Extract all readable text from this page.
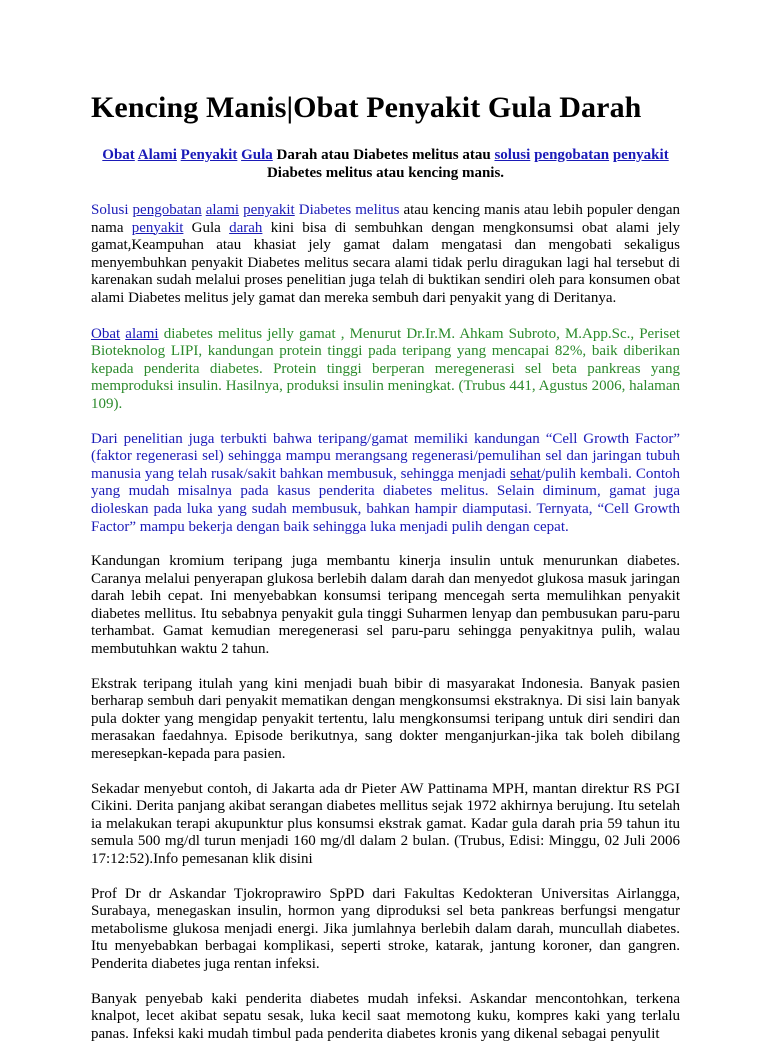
Kencing Manis|Obat Penyakit Gula Darah
Obat Alami Penyakit Gula Darah atau Diabetes melitus atau solusi pengobatan penyakit
Diabetes melitus atau kencing manis.

Solusi pengobatan alami penyakit Diabetes melitus atau kencing manis atau lebih populer dengan nama penyakit Gula darah kini bisa di sembuhkan dengan mengkonsumsi obat alami jely gamat,Keampuhan atau khasiat jely gamat dalam mengatasi dan mengobati sekaligus menyembuhkan penyakit Diabetes melitus secara alami tidak perlu diragukan lagi hal tersebut di karenakan sudah melalui proses penelitian juga telah di buktikan sendiri oleh para konsumen obat alami Diabetes melitus jely gamat dan mereka sembuh dari penyakit yang di Deritanya.

Obat alami diabetes melitus jelly gamat , Menurut Dr.Ir.M. Ahkam Subroto, M.App.Sc., Periset Bioteknolog LIPI, kandungan protein tinggi pada teripang yang mencapai 82%, baik diberikan kepada penderita diabetes. Protein tinggi berperan meregenerasi sel beta pankreas yang memproduksi insulin. Hasilnya, produksi insulin meningkat. (Trubus 441, Agustus 2006, halaman 109).

Dari penelitian juga terbukti bahwa teripang/gamat memiliki kandungan “Cell Growth Factor” (faktor regenerasi sel) sehingga mampu merangsang regenerasi/pemulihan sel dan jaringan tubuh manusia yang telah rusak/sakit bahkan membusuk, sehingga menjadi sehat/pulih kembali. Contoh yang mudah misalnya pada kasus penderita diabetes melitus. Selain diminum, gamat juga dioleskan pada luka yang sudah membusuk, bahkan hampir diamputasi. Ternyata, “Cell Growth Factor” mampu bekerja dengan baik sehingga luka menjadi pulih dengan cepat.

Kandungan kromium teripang juga membantu kinerja insulin untuk menurunkan diabetes. Caranya melalui penyerapan glukosa berlebih dalam darah dan menyedot glukosa masuk jaringan darah lebih cepat. Ini menyebabkan konsumsi teripang mencegah serta memulihkan penyakit diabetes mellitus. Itu sebabnya penyakit gula tinggi Suharmen lenyap dan pembusukan paru-paru terhambat. Gamat kemudian meregenerasi sel paru-paru sehingga penyakitnya pulih, walau membutuhkan waktu 2 tahun.

Ekstrak teripang itulah yang kini menjadi buah bibir di masyarakat Indonesia. Banyak pasien berharap sembuh dari penyakit mematikan dengan mengkonsumsi ekstraknya. Di sisi lain banyak pula dokter yang mengidap penyakit tertentu, lalu mengkonsumsi teripang untuk diri sendiri dan merasakan faedahnya. Episode berikutnya, sang dokter menganjurkan-jika tak boleh dibilang meresepkan-kepada para pasien.

Sekadar menyebut contoh, di Jakarta ada dr Pieter AW Pattinama MPH, mantan direktur RS PGI Cikini. Derita panjang akibat serangan diabetes mellitus sejak 1972 akhirnya berujung. Itu setelah ia melakukan terapi akupunktur plus konsumsi ekstrak gamat. Kadar gula darah pria 59 tahun itu semula 500 mg/dl turun menjadi 160 mg/dl dalam 2 bulan. (Trubus, Edisi: Minggu, 02 Juli 2006 17:12:52).Info pemesanan klik disini

Prof Dr dr Askandar Tjokroprawiro SpPD dari Fakultas Kedokteran Universitas Airlangga, Surabaya, menegaskan insulin, hormon yang diproduksi sel beta pankreas berfungsi mengatur metabolisme glukosa menjadi energi. Jika jumlahnya berlebih dalam darah, muncullah diabetes. Itu menyebabkan berbagai komplikasi, seperti stroke, katarak, jantung koroner, dan gangren. Penderita diabetes juga rentan infeksi.

Banyak penyebab kaki penderita diabetes mudah infeksi. Askandar mencontohkan, terkena knalpot, lecet akibat sepatu sesak, luka kecil saat memotong kuku, kompres kaki yang terlalu panas. Infeksi kaki mudah timbul pada penderita diabetes kronis yang dikenal sebagai penyulit
